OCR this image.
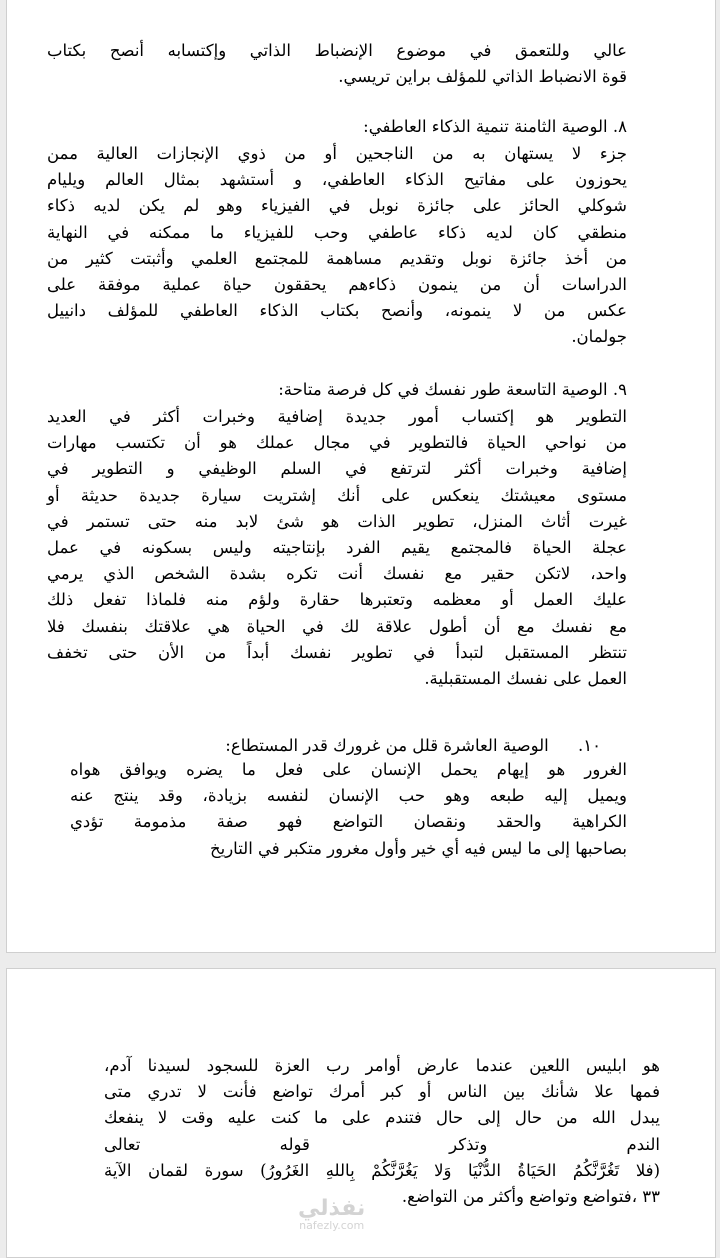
عالي وللتعمق في موضوع الإنضباط الذاتي وإكتسابه أنصح بكتاب
قوة الانضباط الذاتي للمؤلف براين تريسي.
٨. الوصية الثامنة تنمية الذكاء العاطفي:
جزء لا يستهان به من الناجحين أو من ذوي الإنجازات العالية ممن
يحوزون على مفاتيح الذكاء العاطفي، و أستشهد بمثال العالم ويليام
شوكلي الحائز على جائزة نوبل في الفيزياء وهو لم يكن لديه ذكاء
منطقي كان لديه ذكاء عاطفي وحب للفيزياء ما ممكنه في النهاية
من أخذ جائزة نوبل وتقديم مساهمة للمجتمع العلمي وأثبتت كثير من
الدراسات أن من ينمون ذكاءهم يحققون حياة عملية موفقة على
عكس من لا ينمونه، وأنصح بكتاب الذكاء العاطفي للمؤلف دانييل
جولمان.
٩. الوصية التاسعة طور نفسك في كل فرصة متاحة:
التطوير هو إكتساب أمور جديدة إضافية وخبرات أكثر في العديد
من نواحي الحياة فالتطوير في مجال عملك هو أن تكتسب مهارات
إضافية وخبرات أكثر لترتفع في السلم الوظيفي و التطوير في
مستوى معيشتك ينعكس على أنك إشتريت سيارة جديدة حديثة أو
غيرت أثاث المنزل، تطوير الذات هو شئ لابد منه حتى تستمر في
عجلة الحياة فالمجتمع يقيم الفرد بإنتاجيته وليس بسكونه في عمل
واحد، لاتكن حقير مع نفسك أنت تكره بشدة الشخص الذي يرمي
عليك العمل أو معظمه وتعتبرها حقارة ولؤم منه فلماذا تفعل ذلك
مع نفسك مع أن أطول علاقة لك في الحياة هي علاقتك بنفسك فلا
تنتظر المستقبل لتبدأ في تطوير نفسك أبداً من الأن حتى تخفف
العمل على نفسك المستقبلية.
١٠. الوصية العاشرة قلل من غرورك قدر المستطاع:
الغرور هو إيهام يحمل الإنسان على فعل ما يضره ويوافق هواه
ويميل إليه طبعه وهو حب الإنسان لنفسه بزيادة، وقد ينتج عنه
الكراهية والحقد ونقصان التواضع فهو صفة مذمومة تؤدي
بصاحبها إلى ما ليس فيه أي خير وأول مغرور متكبر في التاريخ
هو ابليس اللعين عندما عارض أوامر رب العزة للسجود لسيدنا آدم،
فمها علا شأنك بين الناس أو كبر أمرك تواضع فأنت لا تدري متى
يبدل الله من حال إلى حال فتندم على ما كنت عليه وقت لا ينفعك
الندم وتذكر قوله تعالى
(فلا تَغُرَّنَّكُمُ الحَيَاةُ الدُّنْيَا وَلا يَغُرَّنَّكُمْ بِاللهِ الغَرُورُ) سورة لقمان الآية
٣٣ ،فتواضع وتواضع وأكثر من التواضع.
نفذلي
nafezly.com
